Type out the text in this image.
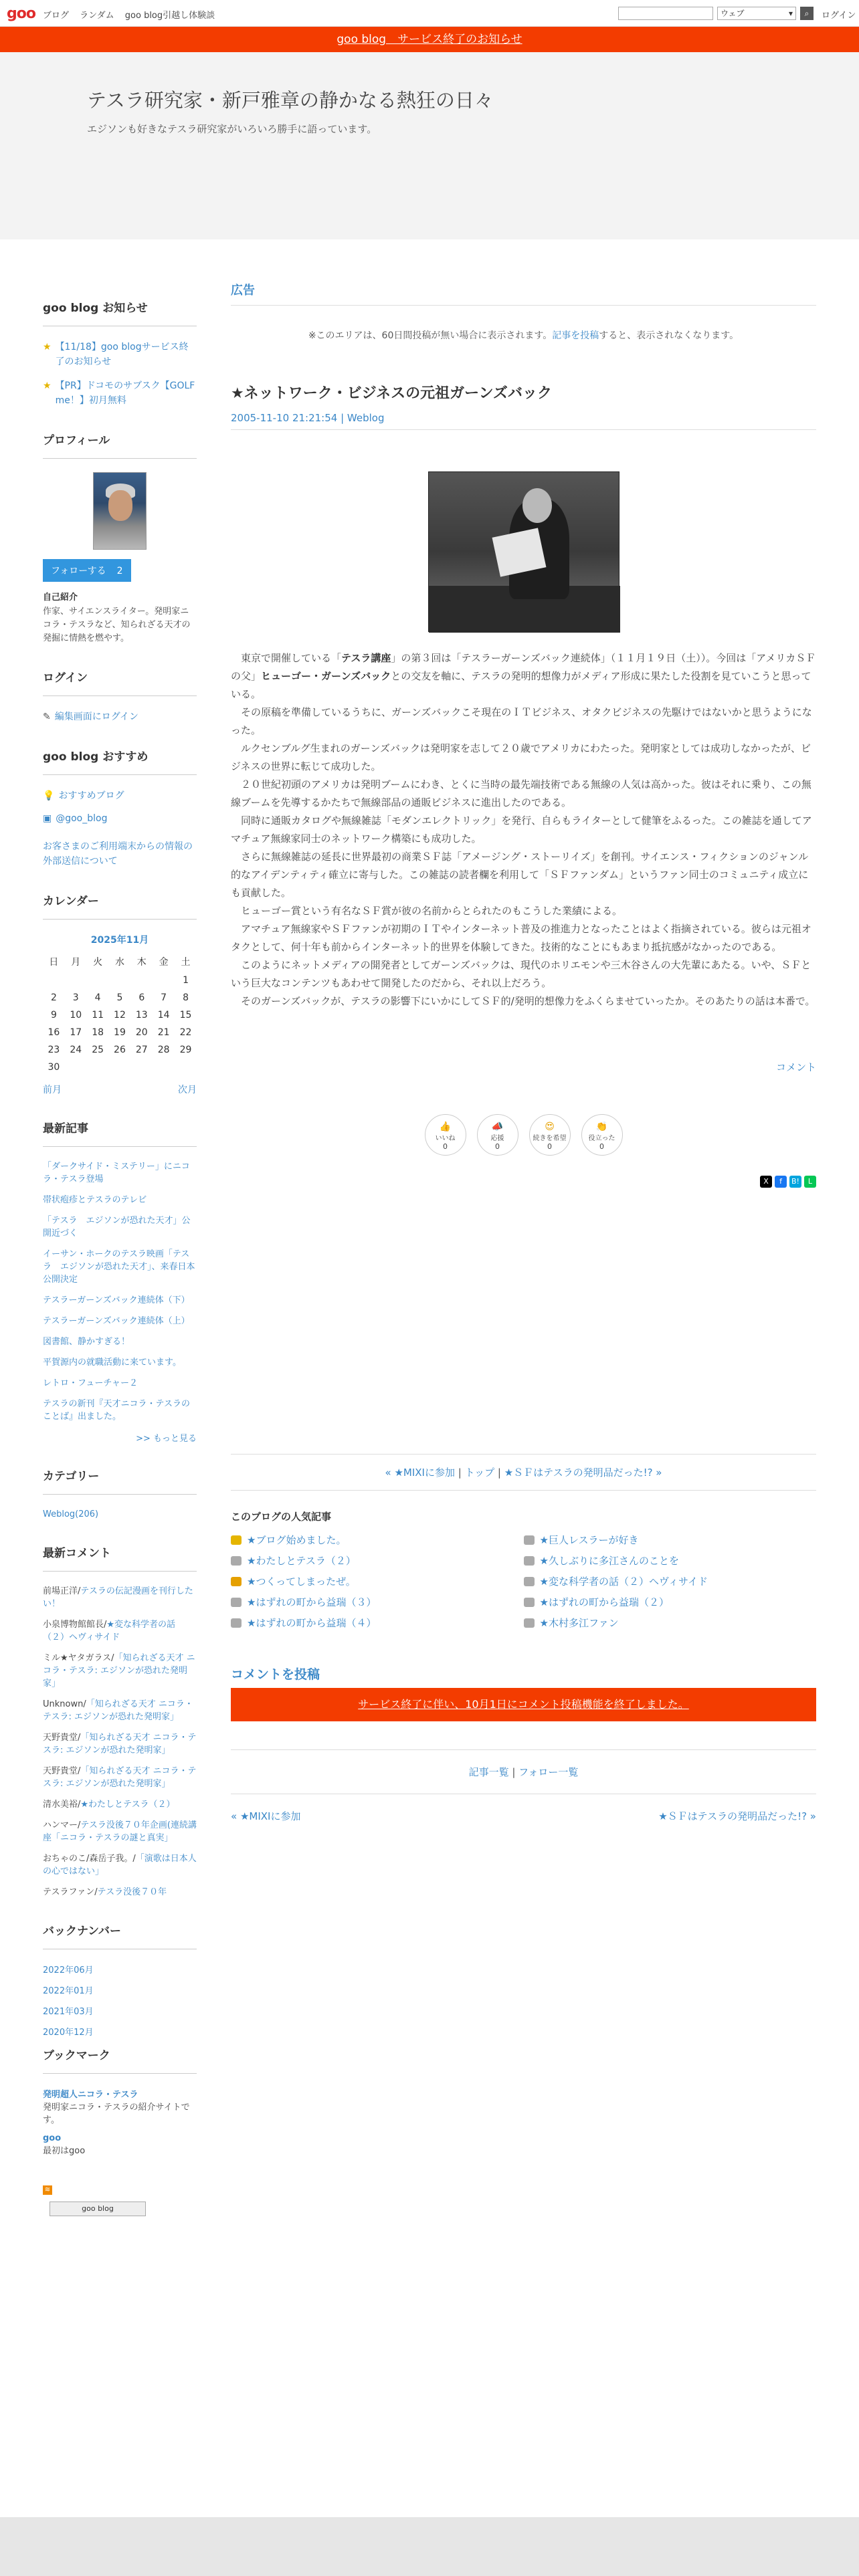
goo ブログ ランダム goo blog引越し体験談	ウェブ ▾	⌕	ログイン
goo blog　サービス終了のお知らせ
テスラ研究家・新戸雅章の静かなる熱狂の日々
エジソンも好きなテスラ研究家がいろいろ勝手に語っています。
goo blog お知らせ
★ 【11/18】goo blogサービス終了のお知らせ
★ 【PR】ドコモのサブスク【GOLF me！】初月無料
プロフィール
フォローする 2
自己紹介
作家、サイエンスライター。発明家ニコラ・テスラなど、知られざる天才の発掘に情熱を燃やす。
ログイン
✎ 編集画面にログイン
goo blog おすすめ
💡 おすすめブログ
▣ @goo_blog
お客さまのご利用端末からの情報の外部送信について
カレンダー
2025年11月
日	月	火	水	木	金	土
						1
2	3	4	5	6	7	8
9	10	11	12	13	14	15
16	17	18	19	20	21	22
23	24	25	26	27	28	29
30						
前月	次月
最新記事
「ダークサイド・ミステリー」にニコラ・テスラ登場
帯状疱疹とテスラのテレビ
「テスラ　エジソンが恐れた天才」公開近づく
イーサン・ホークのテスラ映画「テスラ　エジソンが恐れた天才」、来春日本公開決定
テスラーガーンズバック連続体（下）
テスラーガーンズバック連続体（上）
図書館、静かすぎる！
平賀源内の就職活動に来ています。
レトロ・フューチャー２
テスラの新刊『天才ニコラ・テスラのことば』出ました。
>> もっと見る
カテゴリー
Weblog(206)
最新コメント
前場正洋/テスラの伝記漫画を刊行したい！
小泉博物館館長/★変な科学者の話（２）ヘヴィサイド
ミル★ヤタガラス/「知られざる天才 ニコラ・テスラ: エジソンが恐れた発明家」
Unknown/「知られざる天才 ニコラ・テスラ: エジソンが恐れた発明家」
天野貴堂/「知られざる天才 ニコラ・テスラ: エジソンが恐れた発明家」
天野貴堂/「知られざる天才 ニコラ・テスラ: エジソンが恐れた発明家」
清水美裕/★わたしとテスラ（２）
ハンマー/テスラ没後７０年企画(連続講座「ニコラ・テスラの謎と真実」
おちゃのこ/森岳子我。/「演歌は日本人の心ではない」
テスラファン/テスラ没後７０年
バックナンバー
2022年06月
2022年01月
2021年03月
2020年12月
ブックマーク
発明超人ニコラ・テスラ
発明家ニコラ・テスラの紹介サイトです。
goo
最初はgoo
≋
goo blog
広告
※このエリアは、60日間投稿が無い場合に表示されます。記事を投稿すると、表示されなくなります。
★ネットワーク・ビジネスの元祖ガーンズバック
2005-11-10 21:21:54 | Weblog

　東京で開催している「テスラ講座」の第３回は「テスラーガーンズバック連続体」（１１月１９日（土））。今回は「アメリカＳＦの父」ヒューゴー・ガーンズバックとの交友を軸に、テスラの発明的想像力がメディア形成に果たした役割を見ていこうと思っている。

　その原稿を準備しているうちに、ガーンズバックこそ現在のＩＴビジネス、オタクビジネスの先駆けではないかと思うようになった。

　ルクセンブルグ生まれのガーンズバックは発明家を志して２０歳でアメリカにわたった。発明家としては成功しなかったが、ビジネスの世界に転じて成功した。

　２０世紀初頭のアメリカは発明ブームにわき、とくに当時の最先端技術である無線の人気は高かった。彼はそれに乗り、この無線ブームを先導するかたちで無線部品の通販ビジネスに進出したのである。

　同時に通販カタログや無線雑誌「モダンエレクトリック」を発行、自らもライターとして健筆をふるった。この雑誌を通してアマチュア無線家同士のネットワーク構築にも成功した。

　さらに無線雑誌の延長に世界最初の商業ＳＦ誌「アメージング・ストーリイズ」を創刊。サイエンス・フィクションのジャンル的なアイデンティティ確立に寄与した。この雑誌の読者欄を利用して「ＳＦファンダム」というファン同士のコミュニティ成立にも貢献した。

　ヒューゴー賞という有名なＳＦ賞が彼の名前からとられたのもこうした業績による。

　アマチュア無線家やＳＦファンが初期のＩＴやインターネット普及の推進力となったことはよく指摘されている。彼らは元祖オタクとして、何十年も前からインターネット的世界を体験してきた。技術的なことにもあまり抵抗感がなかったのである。

　このようにネットメディアの開発者としてガーンズバックは、現代のホリエモンや三木谷さんの大先輩にあたる。いや、ＳＦという巨大なコンテンツもあわせて開発したのだから、それ以上だろう。

　そのガーンズバックが、テスラの影響下にいかにしてＳＦ的/発明的想像力をふくらませていったか。そのあたりの話は本番で。

コメント
👍
いいね
0
📣
応援
0
😍
続きを希望
0
👏
役立った
0
X f B! L
« ★MIXIに参加 | トップ | ★ＳＦはテスラの発明品だった!? »
このブログの人気記事
★ブログ始めました。	★巨人レスラーが好き
★わたしとテスラ（２）	★久しぶりに多江さんのことを
★つくってしまったぜ。	★変な科学者の話（２）ヘヴィサイド
★はずれの町から益瑞（３）	★はずれの町から益瑞（２）
★はずれの町から益瑞（４）	★木村多江ファン
コメントを投稿
サービス終了に伴い、10月1日にコメント投稿機能を終了しました。
記事一覧 | フォロー一覧
« ★MIXIに参加	★ＳＦはテスラの発明品だった!? »
